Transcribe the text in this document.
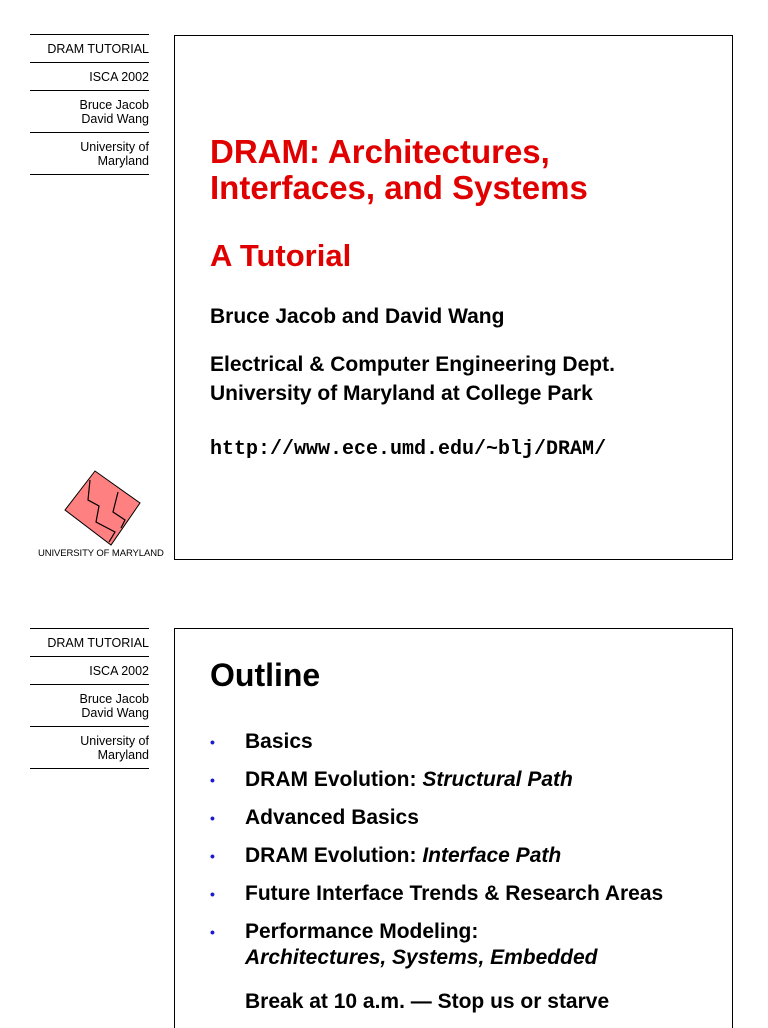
DRAM TUTORIAL
ISCA 2002
Bruce Jacob
David Wang
University of
Maryland
UNIVERSITY OF MARYLAND
DRAM: Architectures,
Interfaces, and Systems
A Tutorial

Bruce Jacob and David Wang

Electrical & Computer Engineering Dept.
University of Maryland at College Park

http://www.ece.umd.edu/~blj/DRAM/

DRAM TUTORIAL
ISCA 2002
Bruce Jacob
David Wang
University of
Maryland
Outline
• Basics
• DRAM Evolution: Structural Path
• Advanced Basics
• DRAM Evolution: Interface Path
• Future Interface Trends & Research Areas
• Performance Modeling:
Architectures, Systems, Embedded

Break at 10 a.m. — Stop us or starve
